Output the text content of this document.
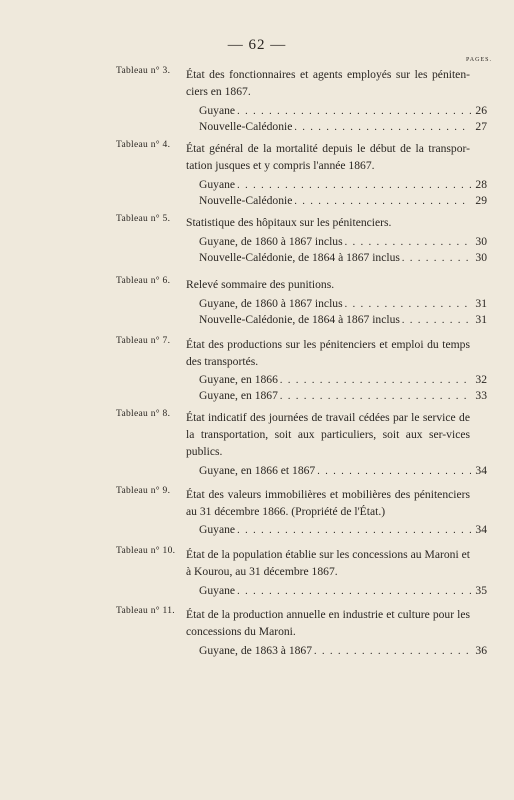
— 62 —
PAGES.
Tableau n° 3. État des fonctionnaires et agents employés sur les péniten-ciers en 1867.
Guyane . . .	26
Nouvelle-Calédonie . . .	27
Tableau n° 4. État général de la mortalité depuis le début de la transpor-tation jusques et y compris l'année 1867.
Guyane . . .	28
Nouvelle-Calédonie . . .	29
Tableau n° 5. Statistique des hôpitaux sur les pénitenciers.
Guyane, de 1860 à 1867 inclus . . .	30
Nouvelle-Calédonie, de 1864 à 1867 inclus . . .	30
Tableau n° 6. Relevé sommaire des punitions.
Guyane, de 1860 à 1867 inclus . . .	31
Nouvelle-Calédonie, de 1864 à 1867 inclus . . .	31
Tableau n° 7. État des productions sur les pénitenciers et emploi du temps des transportés.
Guyane, en 1866 . . .	32
Guyane, en 1867 . . .	33
Tableau n° 8. État indicatif des journées de travail cédées par le service de la transportation, soit aux particuliers, soit aux ser-vices publics.
Guyane, en 1866 et 1867 . . .	34
Tableau n° 9. État des valeurs immobilières et mobilières des pénitenciers au 31 décembre 1866. (Propriété de l'État.)
Guyane . . .	34
Tableau n° 10. État de la population établie sur les concessions au Maroni et à Kourou, au 31 décembre 1867.
Guyane . . .	35
Tableau n° 11. État de la production annuelle en industrie et culture pour les concessions du Maroni.
Guyane, de 1863 à 1867 . . .	36
